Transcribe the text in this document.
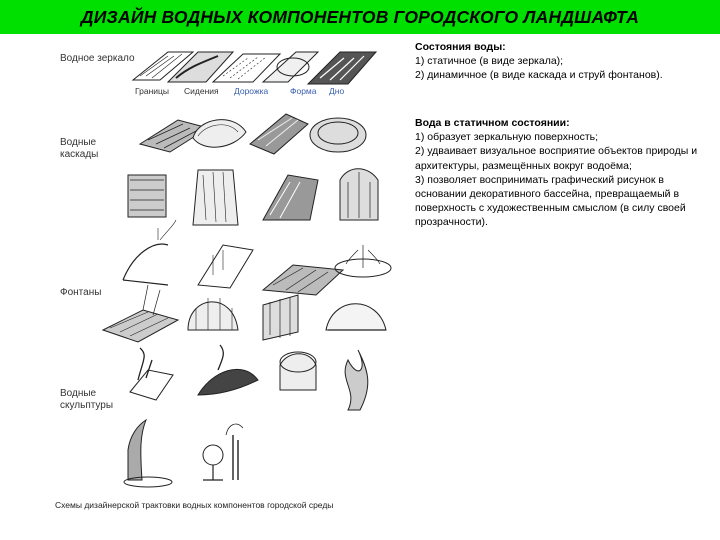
ДИЗАЙН ВОДНЫХ КОМПОНЕНТОВ ГОРОДСКОГО ЛАНДШАФТА
Водное зеркало
Водные
каскады
Фонтаны
Водные
скульптуры
Границы Сидения Дорожка	Форма Дно
Схемы дизайнерской трактовки водных компонентов городской среды

Состояния воды:

1) статичное (в виде зеркала);

2) динамичное (в виде каскада и струй фонтанов).

Вода в статичном состоянии:

1) образует зеркальную поверхность;

2) удваивает визуальное восприятие объектов природы и архитектуры, размещённых вокруг водоёма;

3) позволяет воспринимать графический рисунок в основании декоративного бассейна, превращаемый в поверхность с художественным смыслом (в силу своей прозрачности).
